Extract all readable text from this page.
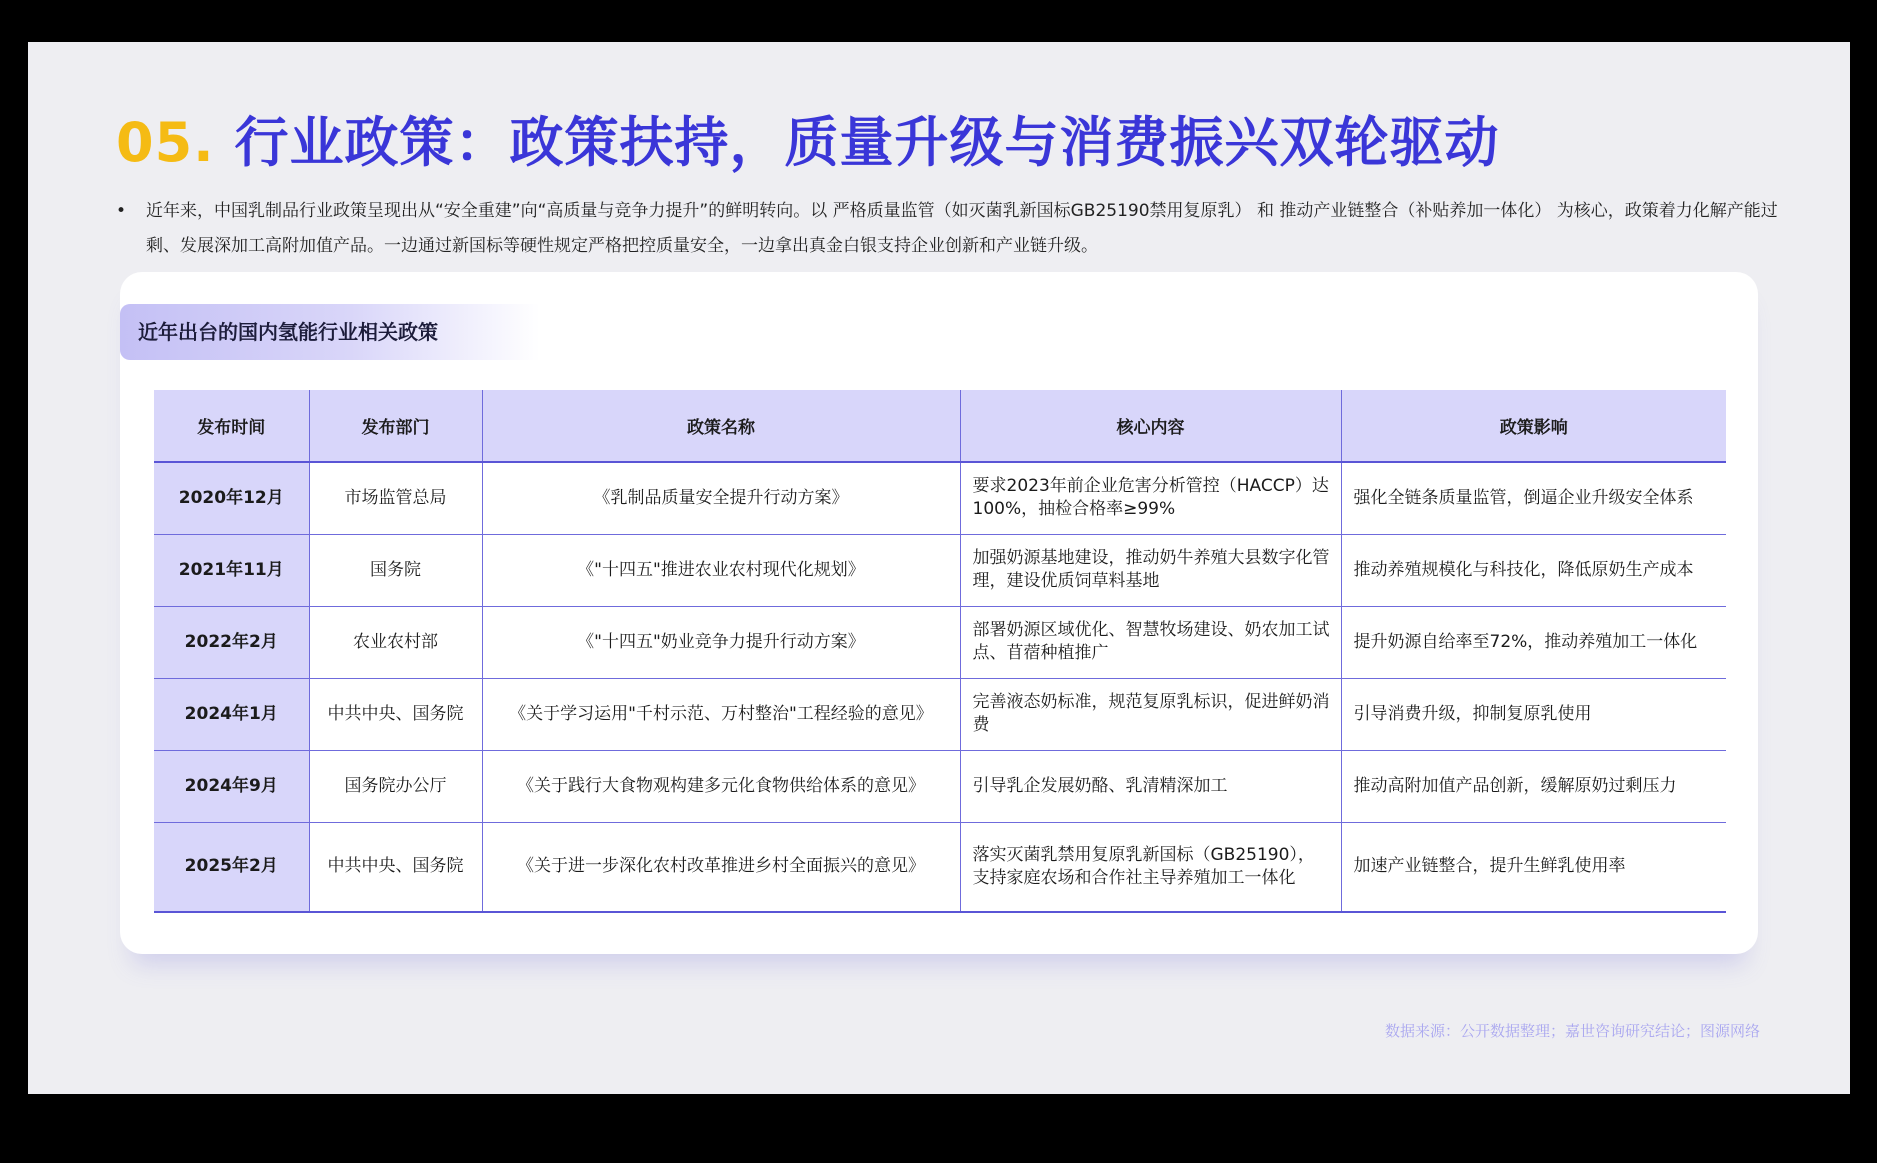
05. 行业政策：政策扶持，质量升级与消费振兴双轮驱动
• 近年来，中国乳制品行业政策呈现出从“安全重建”向“高质量与竞争力提升”的鲜明转向。以 严格质量监管（如灭菌乳新国标GB25190禁用复原乳） 和 推动产业链整合（补贴养加一体化） 为核心，政策着力化解产能过剩、发展深加工高附加值产品。一边通过新国标等硬性规定严格把控质量安全，一边拿出真金白银支持企业创新和产业链升级。
近年出台的国内氢能行业相关政策
发布时间	发布部门	政策名称	核心内容	政策影响
2020年12月	市场监管总局	《乳制品质量安全提升行动方案》	要求2023年前企业危害分析管控（HACCP）达100%，抽检合格率≥99%	强化全链条质量监管，倒逼企业升级安全体系
2021年11月	国务院	《"十四五"推进农业农村现代化规划》	加强奶源基地建设，推动奶牛养殖大县数字化管理，建设优质饲草料基地	推动养殖规模化与科技化，降低原奶生产成本
2022年2月	农业农村部	《"十四五"奶业竞争力提升行动方案》	部署奶源区域优化、智慧牧场建设、奶农加工试点、苜蓿种植推广	提升奶源自给率至72%，推动养殖加工一体化
2024年1月	中共中央、国务院	《关于学习运用"千村示范、万村整治"工程经验的意见》	完善液态奶标准，规范复原乳标识，促进鲜奶消费	引导消费升级，抑制复原乳使用
2024年9月	国务院办公厅	《关于践行大食物观构建多元化食物供给体系的意见》	引导乳企发展奶酪、乳清精深加工	推动高附加值产品创新，缓解原奶过剩压力
2025年2月	中共中央、国务院	《关于进一步深化农村改革推进乡村全面振兴的意见》	落实灭菌乳禁用复原乳新国标（GB25190），支持家庭农场和合作社主导养殖加工一体化	加速产业链整合，提升生鲜乳使用率
数据来源：公开数据整理；嘉世咨询研究结论；图源网络
